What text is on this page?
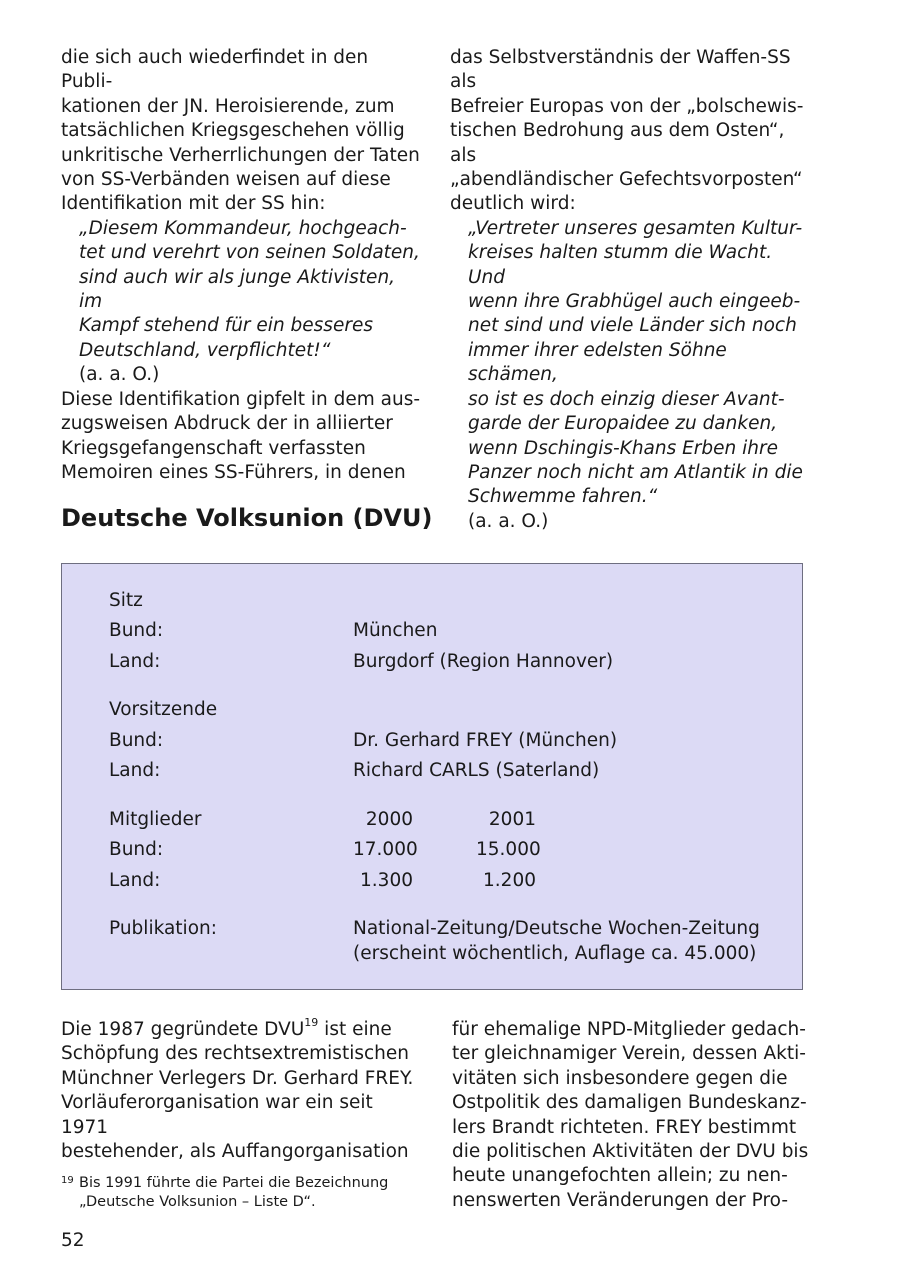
die sich auch wiederfindet in den Publi-

kationen der JN. Heroisierende, zum

tatsächlichen Kriegsgeschehen völlig

unkritische Verherrlichungen der Taten

von SS-Verbänden weisen auf diese

Identifikation mit der SS hin:

„Diesem Kommandeur, hochgeach-

tet und verehrt von seinen Soldaten,

sind auch wir als junge Aktivisten, im

Kampf stehend für ein besseres

Deutschland, verpflichtet!“

(a. a. O.)

Diese Identifikation gipfelt in dem aus-

zugsweisen Abdruck der in alliierter

Kriegsgefangenschaft verfassten

Memoiren eines SS-Führers, in denen

das Selbstverständnis der Waffen-SS als

Befreier Europas von der „bolschewis-

tischen Bedrohung aus dem Osten“, als

„abendländischer Gefechtsvorposten“

deutlich wird:

„Vertreter unseres gesamten Kultur-

kreises halten stumm die Wacht. Und

wenn ihre Grabhügel auch eingeeb-

net sind und viele Länder sich noch

immer ihrer edelsten Söhne schämen,

so ist es doch einzig dieser Avant-

garde der Europaidee zu danken,

wenn Dschingis-Khans Erben ihre

Panzer noch nicht am Atlantik in die

Schwemme fahren.“

(a. a. O.)

Deutsche Volksunion (DVU)
Sitz
Bund:	München
Land:	Burgdorf (Region Hannover)
Vorsitzende
Bund:	Dr. Gerhard FREY (München)
Land:	Richard CARLS (Saterland)
Mitglieder	2000	2001
Bund:	17.000	15.000
Land:	1.300	1.200
Publikation:	National-Zeitung/Deutsche Wochen-Zeitung
(erscheint wöchentlich, Auflage ca. 45.000)

Die 1987 gegründete DVU$^{19}$ ist eine

Schöpfung des rechtsextremistischen

Münchner Verlegers Dr. Gerhard FREY.

Vorläuferorganisation war ein seit 1971

bestehender, als Auffangorganisation

für ehemalige NPD-Mitglieder gedach-

ter gleichnamiger Verein, dessen Akti-

vitäten sich insbesondere gegen die

Ostpolitik des damaligen Bundeskanz-

lers Brandt richteten. FREY bestimmt

die politischen Aktivitäten der DVU bis

heute unangefochten allein; zu nen-

nenswerten Veränderungen der Pro-

19 Bis 1991 führte die Partei die Bezeichnung
„Deutsche Volksunion – Liste D“.
52
